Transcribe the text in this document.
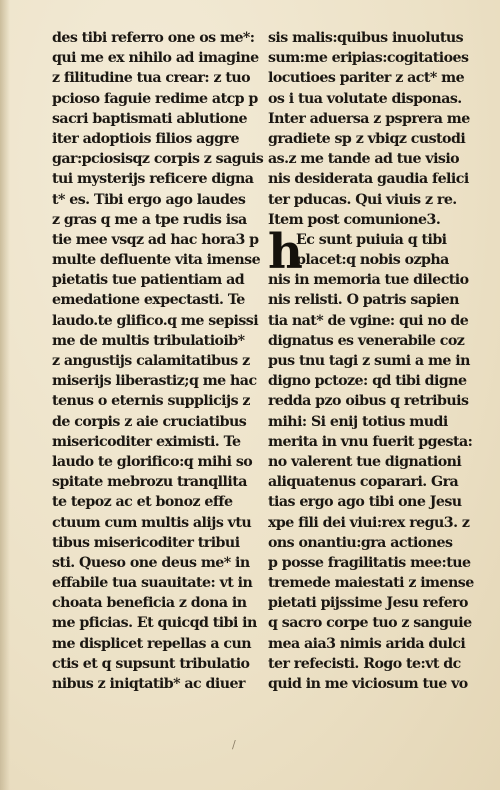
des tibi referro one os me*:
qui me ex nihilo ad imagine
z filitudine tua crear: z tuo
pcioso faguie redime atcp p
sacri baptismati ablutione
iter adoptiois filios aggre
gar:pciosisqz corpis z saguis
tui mysterijs reficere digna
t* es. Tibi ergo ago laudes
z gras q me a tpe rudis isa
tie mee vsqz ad hac hora3 p
multe defluente vita imense
pietatis tue patientiam ad
emedatione expectasti. Te
laudo.te glifico.q me sepissi
me de multis tribulatioib*
z angustijs calamitatibus z
miserijs liberastiz;q me hac
tenus o eternis supplicijs z
de corpis z aie cruciatibus
misericoditer eximisti. Te
laudo te glorifico:q mihi so
spitate mebrozu tranqllita
te tepoz ac et bonoz effe
ctuum cum multis alijs vtu
tibus misericoditer tribui
sti. Queso one deus me* in
effabile tua suauitate: vt in
choata beneficia z dona in
me pficias. Et quicqd tibi in
me displicet repellas a cun
ctis et q supsunt tribulatio
nibus z iniqtatib* ac diuer
sis malis:quibus inuolutus
sum:me eripias:cogitatioes
locutioes pariter z act* me
os i tua volutate disponas.
Inter aduersa z psprera me
gradiete sp z vbiqz custodi
as.z me tande ad tue visio
nis desiderata gaudia felici
ter pducas. Qui viuis z re.
Item post comunione3.
h
Ec sunt puiuia q tibi
placet:q nobis ozpha
nis in memoria tue dilectio
nis relisti. O patris sapien
tia nat* de vgine: qui no de
dignatus es venerabile coz
pus tnu tagi z sumi a me in
digno pctoze: qd tibi digne
redda pzo oibus q retribuis
mihi: Si enij totius mudi
merita in vnu fuerit pgesta:
no valerent tue dignationi
aliquatenus coparari. Gra
tias ergo ago tibi one Jesu
xpe fili dei viui:rex regu3. z
ons onantiu:gra actiones
p posse fragilitatis mee:tue
tremede maiestati z imense
pietati pijssime Jesu refero
q sacro corpe tuo z sanguie
mea aia3 nimis arida dulci
ter refecisti. Rogo te:vt dc
quid in me viciosum tue vo
/
